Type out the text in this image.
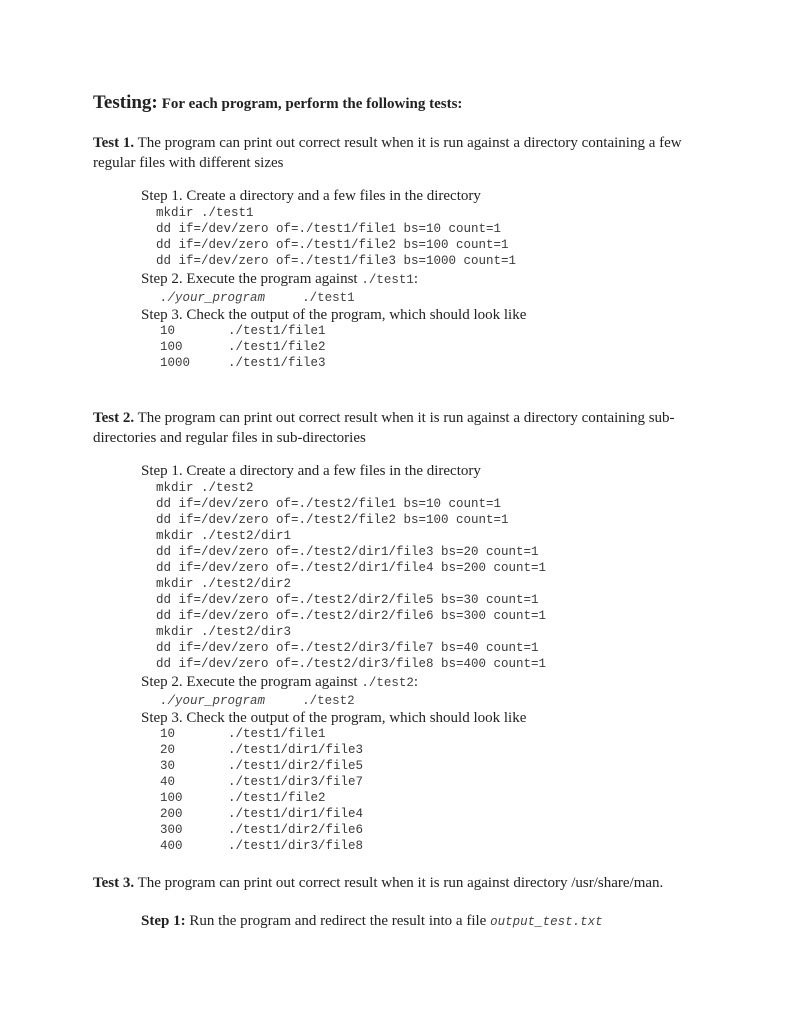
Testing: For each program, perform the following tests:
Test 1. The program can print out correct result when it is run against a directory containing a few regular files with different sizes
Step 1. Create a directory and a few files in the directory
mkdir ./test1
dd if=/dev/zero of=./test1/file1 bs=10 count=1
dd if=/dev/zero of=./test1/file2 bs=100 count=1
dd if=/dev/zero of=./test1/file3 bs=1000 count=1
Step 2. Execute the program against ./test1:
./your_program	./test1
Step 3. Check the output of the program, which should look like
10	./test1/file1
100	./test1/file2
1000	./test1/file3
Test 2. The program can print out correct result when it is run against a directory containing sub-directories and regular files in sub-directories
Step 1. Create a directory and a few files in the directory
mkdir ./test2
dd if=/dev/zero of=./test2/file1 bs=10 count=1
dd if=/dev/zero of=./test2/file2 bs=100 count=1
mkdir ./test2/dir1
dd if=/dev/zero of=./test2/dir1/file3 bs=20 count=1
dd if=/dev/zero of=./test2/dir1/file4 bs=200 count=1
mkdir ./test2/dir2
dd if=/dev/zero of=./test2/dir2/file5 bs=30 count=1
dd if=/dev/zero of=./test2/dir2/file6 bs=300 count=1
mkdir ./test2/dir3
dd if=/dev/zero of=./test2/dir3/file7 bs=40 count=1
dd if=/dev/zero of=./test2/dir3/file8 bs=400 count=1
Step 2. Execute the program against ./test2:
./your_program	./test2
Step 3. Check the output of the program, which should look like
10	./test1/file1
20	./test1/dir1/file3
30	./test1/dir2/file5
40	./test1/dir3/file7
100	./test1/file2
200	./test1/dir1/file4
300	./test1/dir2/file6
400	./test1/dir3/file8
Test 3. The program can print out correct result when it is run against directory /usr/share/man.
Step 1: Run the program and redirect the result into a file output_test.txt
